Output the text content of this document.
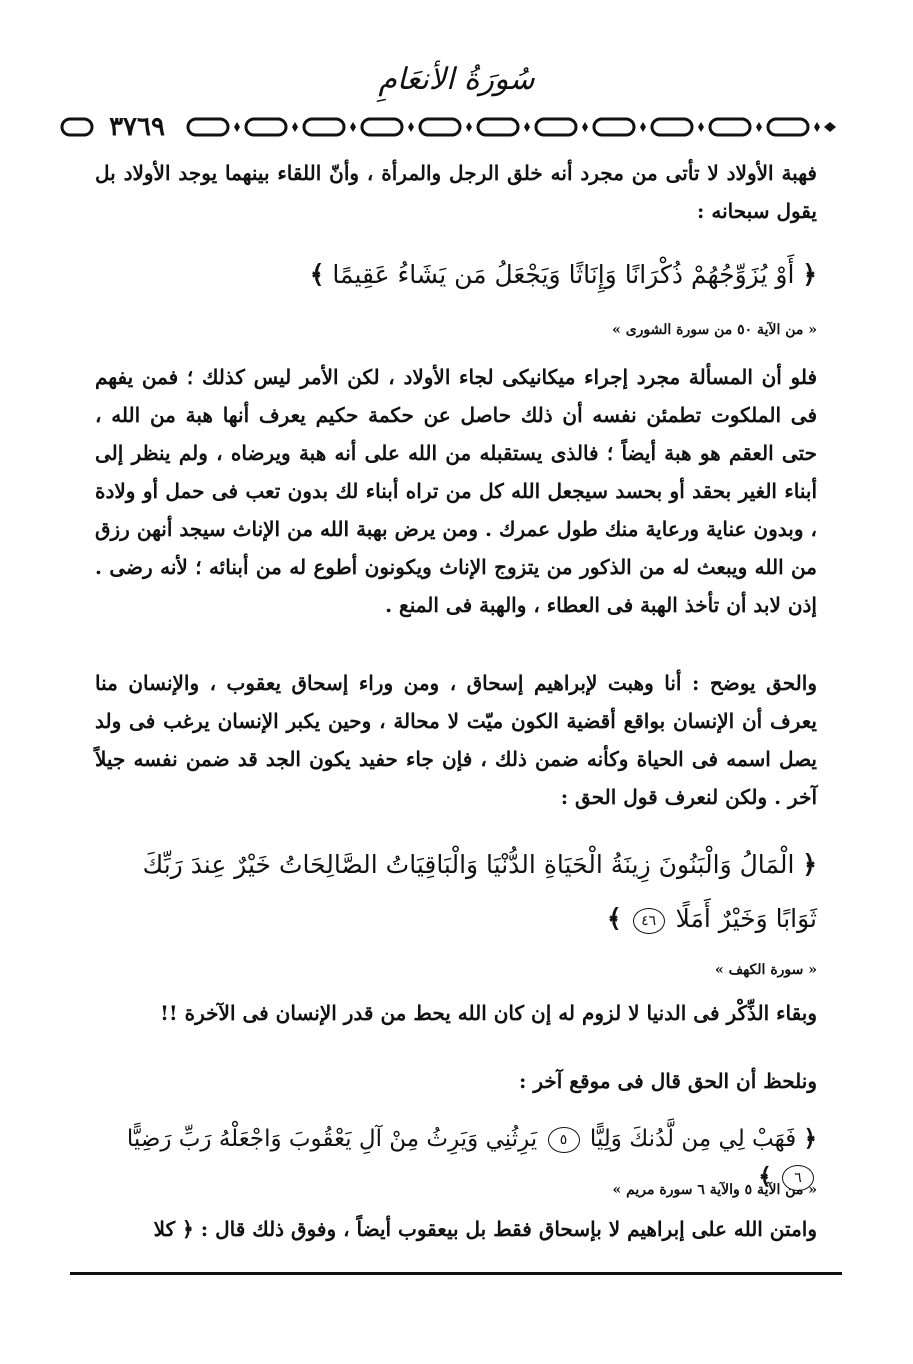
سُورَةُ الأنعَامِ
٣٧٦٩

فهبة الأولاد لا تأتى من مجرد أنه خلق الرجل والمرأة ، وأنّ اللقاء بينهما يوجد الأولاد بل يقول سبحانه :

﴿ أَوْ يُزَوِّجُهُمْ ذُكْرَانًا وَإِنَاثًا وَيَجْعَلُ مَن يَشَاءُ عَقِيمًا ﴾
« من الآية ٥٠ من سورة الشورى »

فلو أن المسألة مجرد إجراء ميكانيكى لجاء الأولاد ، لكن الأمر ليس كذلك ؛ فمن يفهم فى الملكوت تطمئن نفسه أن ذلك حاصل عن حكمة حكيم يعرف أنها هبة من الله ، حتى العقم هو هبة أيضاً ؛ فالذى يستقبله من الله على أنه هبة ويرضاه ، ولم ينظر إلى أبناء الغير بحقد أو بحسد سيجعل الله كل من تراه أبناء لك بدون تعب فى حمل أو ولادة ، وبدون عناية ورعاية منك طول عمرك . ومن يرض بهبة الله من الإناث سيجد أنهن رزق من الله ويبعث له من الذكور من يتزوج الإناث ويكونون أطوع له من أبنائه ؛ لأنه رضى . إذن لابد أن تأخذ الهبة فى العطاء ، والهبة فى المنع .

والحق يوضح : أنا وهبت لإبراهيم إسحاق ، ومن وراء إسحاق يعقوب ، والإنسان منا يعرف أن الإنسان بواقع أقضية الكون ميّت لا محالة ، وحين يكبر الإنسان يرغب فى ولد يصل اسمه فى الحياة وكأنه ضمن ذلك ، فإن جاء حفيد يكون الجد قد ضمن نفسه جيلاً آخر . ولكن لنعرف قول الحق :

﴿ الْمَالُ وَالْبَنُونَ زِينَةُ الْحَيَاةِ الدُّنْيَا وَالْبَاقِيَاتُ الصَّالِحَاتُ خَيْرٌ عِندَ رَبِّكَ ثَوَابًا وَخَيْرٌ أَمَلًا ٤٦ ﴾
« سورة الكهف »

وبقاء الذِّكْر فى الدنيا لا لزوم له إن كان الله يحط من قدر الإنسان فى الآخرة !!

ونلحظ أن الحق قال فى موقع آخر :

﴿ فَهَبْ لِي مِن لَّدُنكَ وَلِيًّا ٥ يَرِثُنِي وَيَرِثُ مِنْ آلِ يَعْقُوبَ وَاجْعَلْهُ رَبِّ رَضِيًّا ٦ ﴾
« من الآية ٥ والآية ٦ سورة مريم »

وامتن الله على إبراهيم لا بإسحاق فقط بل بيعقوب أيضاً ، وفوق ذلك قال : ﴿ كلا
